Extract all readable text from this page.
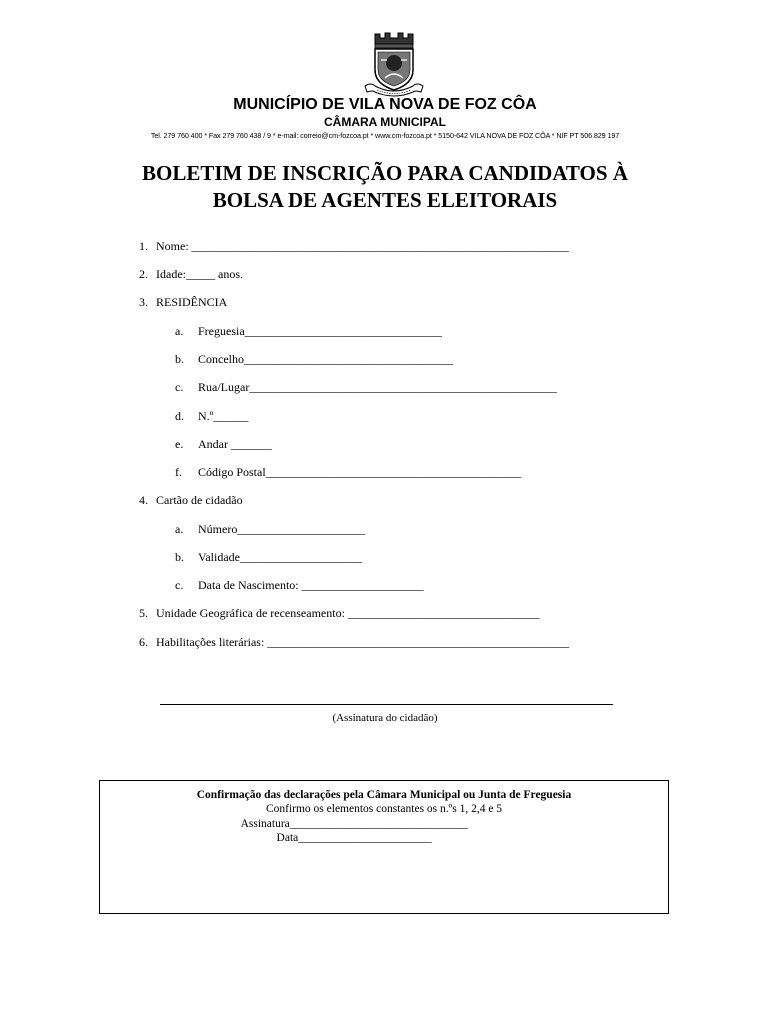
MUNICÍPIO DE VILA NOVA DE FOZ CÔA
CÂMARA MUNICIPAL
Tel. 279 760 400 * Fax 279 760 438 / 9 * e-mail: correio@cm-fozcoa.pt * www.cm-fozcoa.pt * 5150-642 VILA NOVA DE FOZ CÔA * NIF PT 506 829 197
BOLETIM DE INSCRIÇÃO PARA CANDIDATOS À
BOLSA DE AGENTES ELEITORAIS
1. Nome: _________________________________________________________________
2. Idade:_____ anos.
3. RESIDÊNCIA
a. Freguesia__________________________________
b. Concelho____________________________________
c. Rua/Lugar_____________________________________________________
d. N.º______
e. Andar _______
f. Código Postal____________________________________________
4. Cartão de cidadão
a. Número______________________
b. Validade_____________________
c. Data de Nascimento: _____________________
5. Unidade Geográfica de recenseamento: _________________________________
6. Habilitações literárias: ____________________________________________________
(Assinatura do cidadão)
Confirmação das declarações pela Câmara Municipal ou Junta de Freguesia
Confirmo os elementos constantes os n.ºs 1, 2,4 e 5
Assinatura________________________________
Data________________________
